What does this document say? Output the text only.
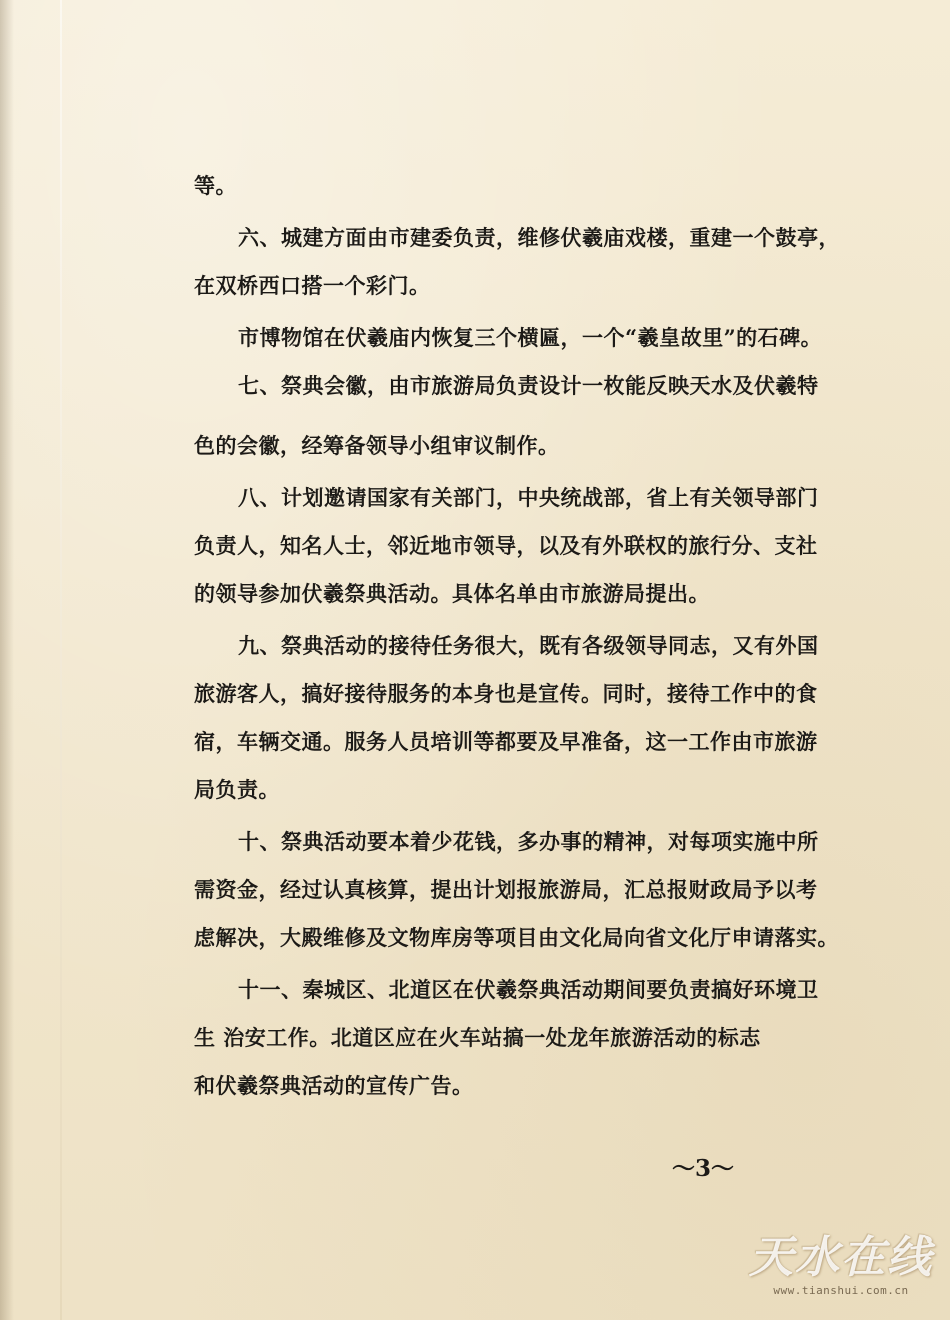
等。
六、城建方面由市建委负责，维修伏羲庙戏楼，重建一个鼓亭，
在双桥西口搭一个彩门。
市博物馆在伏羲庙内恢复三个横匾，一个“羲皇故里”的石碑。
七、祭典会徽，由市旅游局负责设计一枚能反映天水及伏羲特
色的会徽，经筹备领导小组审议制作。
八、计划邀请国家有关部门，中央统战部，省上有关领导部门
负责人，知名人士，邻近地市领导，以及有外联权的旅行分、支社
的领导参加伏羲祭典活动。具体名单由市旅游局提出。
九、祭典活动的接待任务很大，既有各级领导同志，又有外国
旅游客人，搞好接待服务的本身也是宣传。同时，接待工作中的食
宿，车辆交通。服务人员培训等都要及早准备，这一工作由市旅游
局负责。
十、祭典活动要本着少花钱，多办事的精神，对每项实施中所
需资金，经过认真核算，提出计划报旅游局，汇总报财政局予以考
虑解决，大殿维修及文物库房等项目由文化局向省文化厅申请落实。
十一、秦城区、北道区在伏羲祭典活动期间要负责搞好环境卫
生 治安工作。北道区应在火车站搞一处龙年旅游活动的标志
和伏羲祭典活动的宣传广告。
～3～
天水在线
www.tianshui.com.cn
